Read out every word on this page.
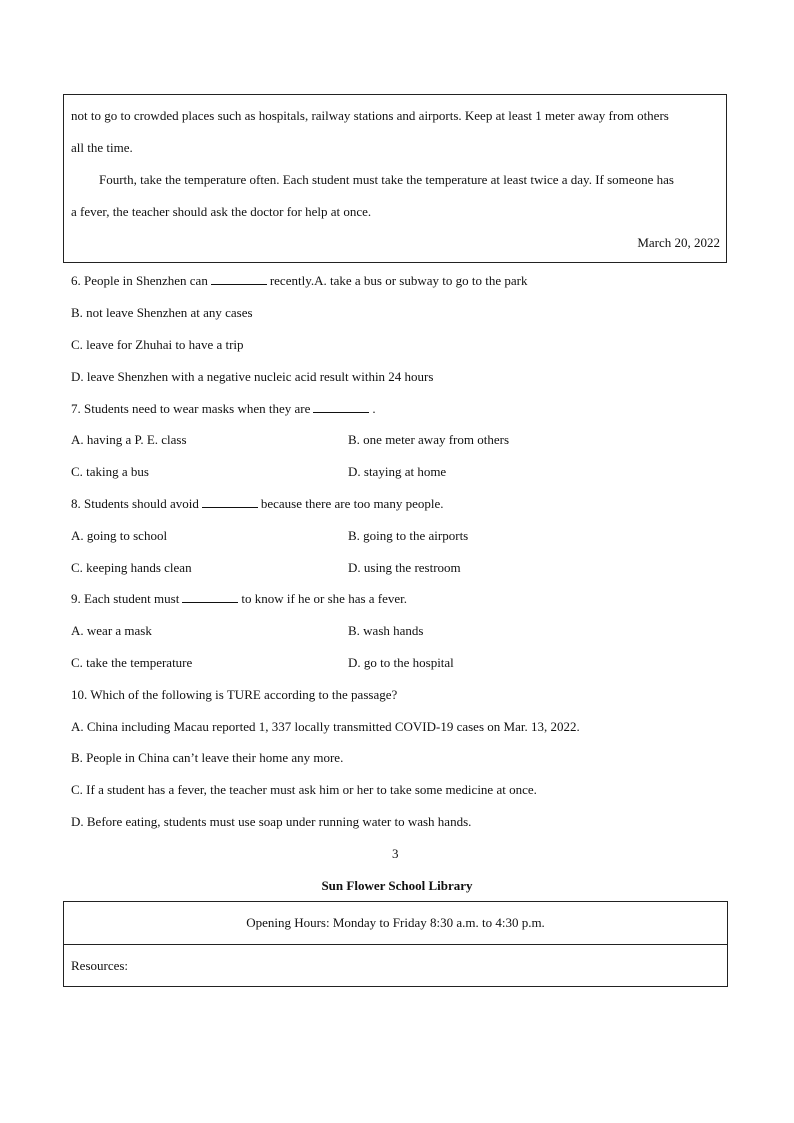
not to go to crowded places such as hospitals, railway stations and airports. Keep at least 1 meter away from others
all the time.
Fourth, take the temperature often. Each student must take the temperature at least twice a day. If someone has
a fever, the teacher should ask the doctor for help at once.
March 20, 2022
6. People in Shenzhen can	recently.A. take a bus or subway to go to the park
B. not leave Shenzhen at any cases
C. leave for Zhuhai to have a trip
D. leave Shenzhen with a negative nucleic acid result within 24 hours
7. Students need to wear masks when they are	.
A. having a P. E. class	B. one meter away from others
C. taking a bus	D. staying at home
8. Students should avoid	because there are too many people.
A. going to school	B. going to the airports
C. keeping hands clean	D. using the restroom
9. Each student must	to know if he or she has a fever.
A. wear a mask	B. wash hands
C. take the temperature	D. go to the hospital
10. Which of the following is TURE according to the passage?
A. China including Macau reported 1, 337 locally transmitted COVID-19 cases on Mar. 13, 2022.
B. People in China can’t leave their home any more.
C. If a student has a fever, the teacher must ask him or her to take some medicine at once.
D. Before eating, students must use soap under running water to wash hands.
3
Sun Flower School Library
Opening Hours: Monday to Friday 8:30 a.m. to 4:30 p.m.
Resources:
